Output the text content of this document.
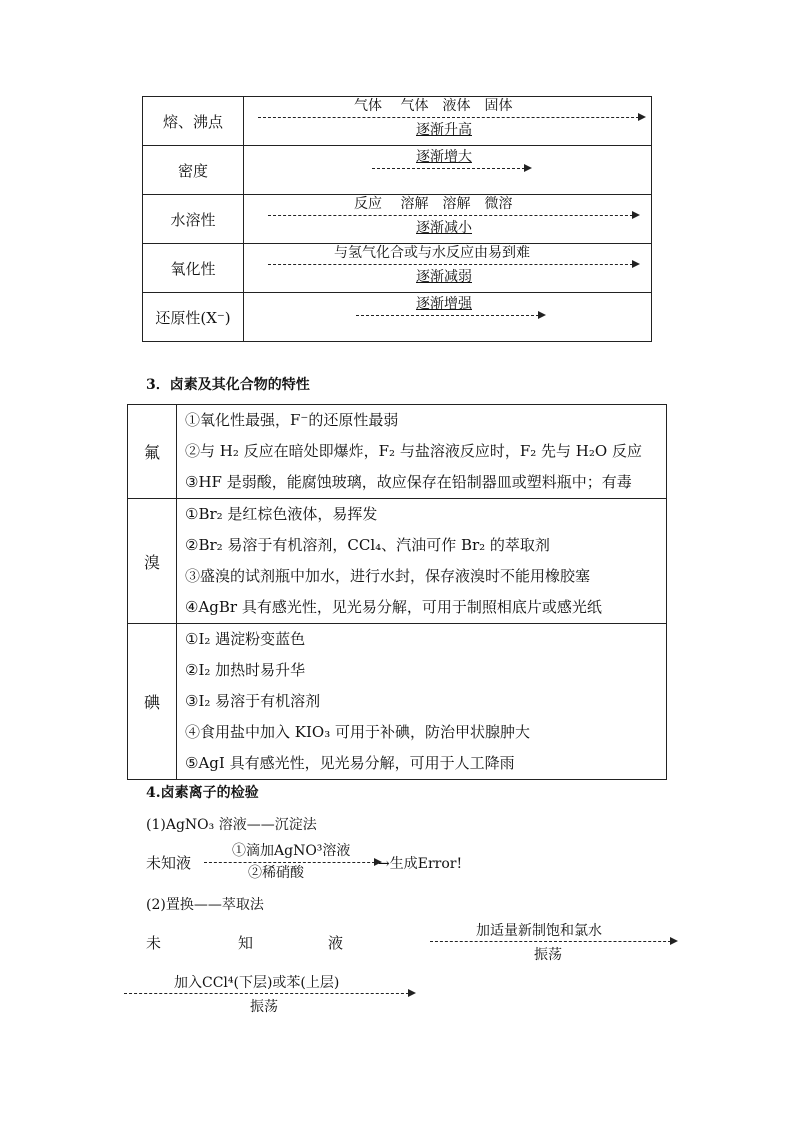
熔、沸点	气体　 气体　液体　固体
逐渐升高

密度	逐渐增大

水溶性	反应　 溶解　溶解　微溶
逐渐减小

氧化性	与氢气化合或与水反应由易到难
逐渐减弱

还原性(X⁻)	逐渐增强
3．卤素及其化合物的特性
氟	①氧化性最强，F⁻的还原性最弱
②与 H₂ 反应在暗处即爆炸，F₂ 与盐溶液反应时，F₂ 先与 H₂O 反应
③HF 是弱酸，能腐蚀玻璃，故应保存在铅制器皿或塑料瓶中；有毒

溴	①Br₂ 是红棕色液体，易挥发
②Br₂ 易溶于有机溶剂，CCl₄、汽油可作 Br₂ 的萃取剂
③盛溴的试剂瓶中加水，进行水封，保存液溴时不能用橡胶塞
④AgBr 具有感光性，见光易分解，可用于制照相底片或感光纸

碘	①I₂ 遇淀粉变蓝色
②I₂ 加热时易升华
③I₂ 易溶于有机溶剂
④食用盐中加入 KIO₃ 可用于补碘，防治甲状腺肿大
⑤AgI 具有感光性，见光易分解，可用于人工降雨
4.卤素离子的检验
(1)AgNO₃ 溶液——沉淀法
未知液
①滴加AgNO³溶液
②稀硝酸
→生成Error!
(2)置换——萃取法
未	知	液
加适量新制饱和氯水
振荡
加入CCl⁴(下层)或苯(上层)
振荡
